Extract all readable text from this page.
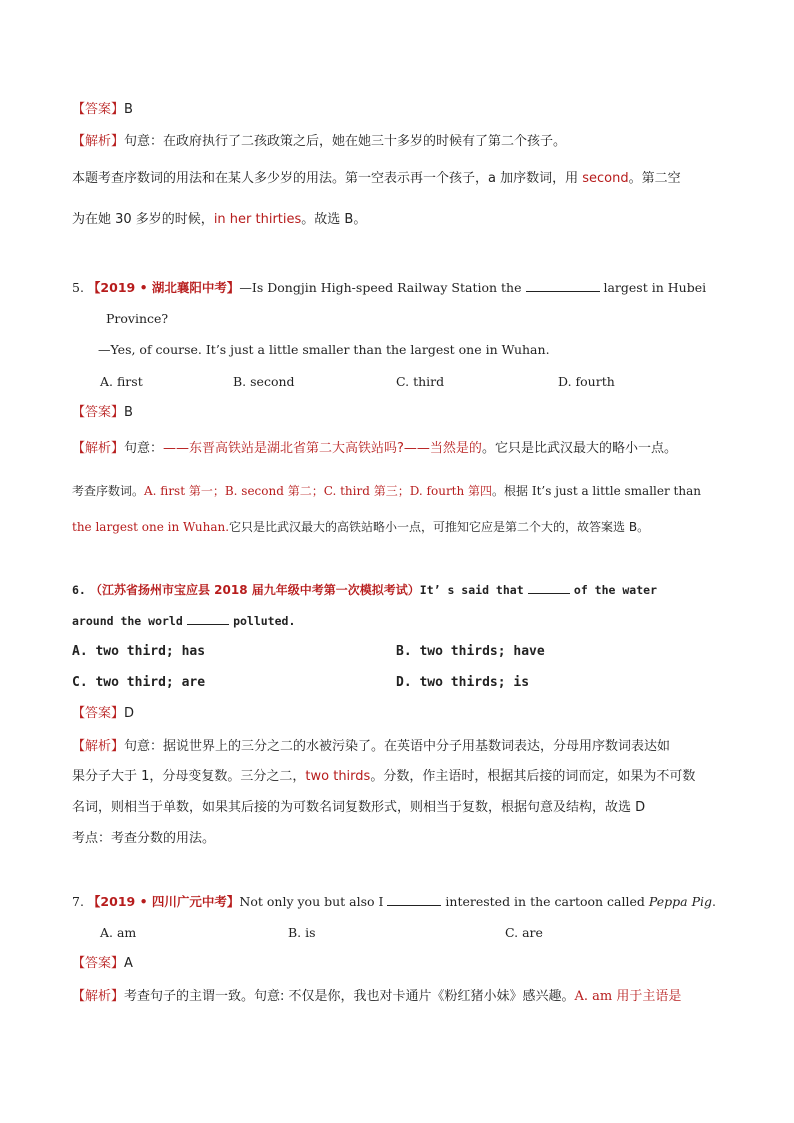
【答案】B
【解析】句意：在政府执行了二孩政策之后，她在她三十多岁的时候有了第二个孩子。
本题考查序数词的用法和在某人多少岁的用法。第一空表示再一个孩子，a 加序数词，用 second。第二空
为在她 30 多岁的时候，in her thirties。故选 B。
5. 【2019 • 湖北襄阳中考】—Is Dongjin High-speed Railway Station the	largest in Hubei
Province?
—Yes, of course. It’s just a little smaller than the largest one in Wuhan.
A. first	B. second	C. third	D. fourth
【答案】B
【解析】句意：——东晋高铁站是湖北省第二大高铁站吗?——当然是的。它只是比武汉最大的略小一点。
考查序数词。A. first 第一；B. second 第二；C. third 第三；D. fourth 第四。根据 It’s just a little smaller than
the largest one in Wuhan.它只是比武汉最大的高铁站略小一点，可推知它应是第二个大的，故答案选 B。
6. （江苏省扬州市宝应县 2018 届九年级中考第一次模拟考试）It’ s said that	of the water
around the world	polluted.
A. two third; has	B. two thirds; have
C. two third; are	D. two thirds; is
【答案】D
【解析】句意：据说世界上的三分之二的水被污染了。在英语中分子用基数词表达，分母用序数词表达如
果分子大于 1，分母变复数。三分之二，two thirds。分数，作主语时，根据其后接的词而定，如果为不可数
名词，则相当于单数，如果其后接的为可数名词复数形式，则相当于复数，根据句意及结构，故选 D
考点：考查分数的用法。
7. 【2019 • 四川广元中考】Not only you but also I	interested in the cartoon called Peppa Pig.
A. am	B. is	C. are
【答案】A
【解析】考查句子的主谓一致。句意: 不仅是你，我也对卡通片《粉红猪小妹》感兴趣。A. am 用于主语是
